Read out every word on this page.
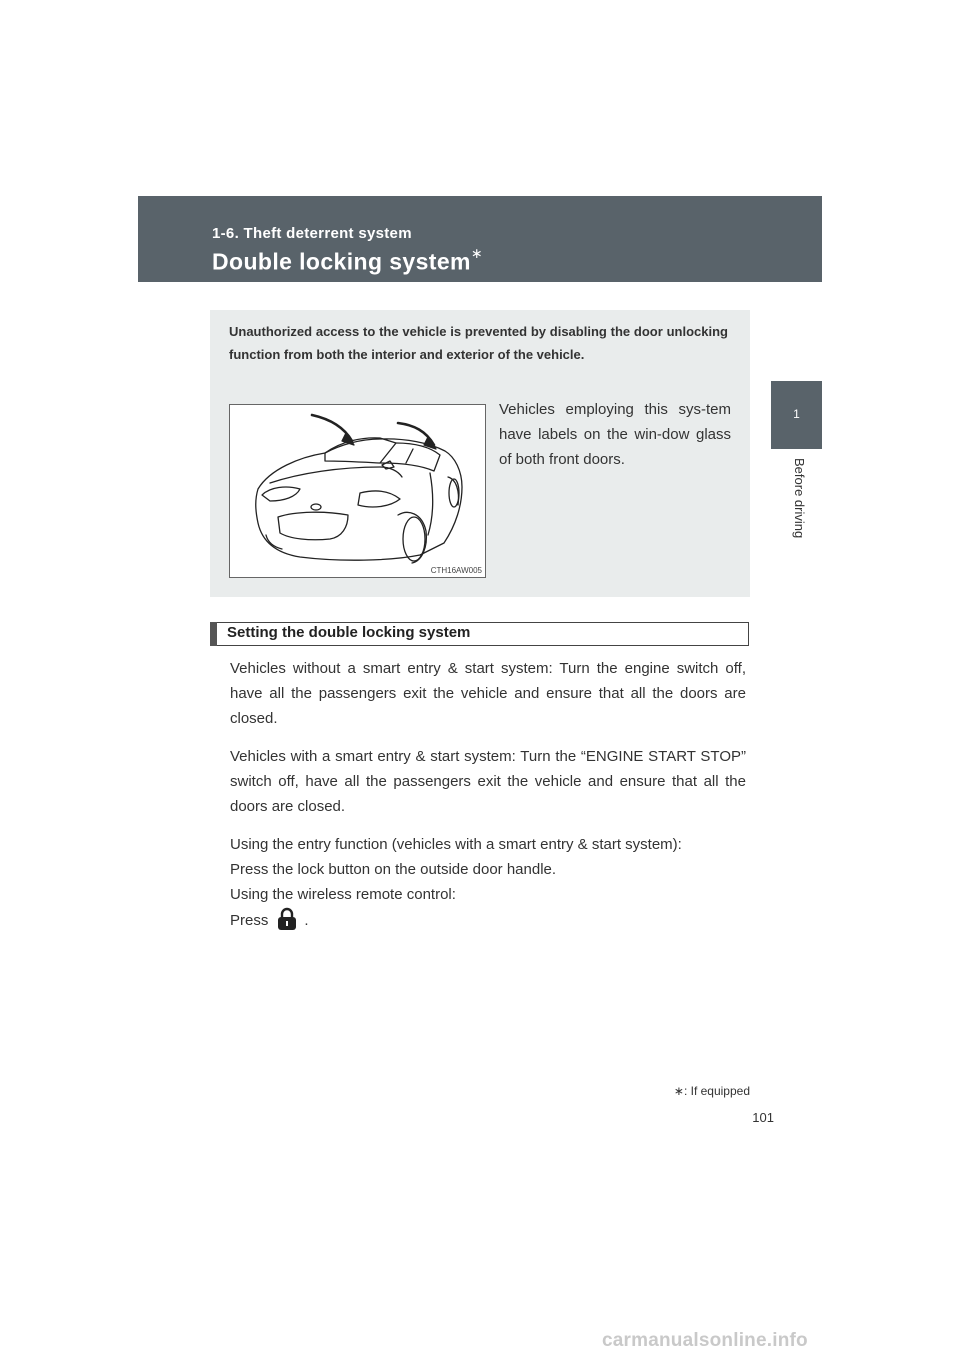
1-6. Theft deterrent system
Double locking system∗
1
Before driving
Unauthorized access to the vehicle is prevented by disabling the door unlocking function from both the interior and exterior of the vehicle.
CTH16AW005
Vehicles employing this sys-tem have labels on the win-dow glass of both front doors.
Setting the double locking system

Vehicles without a smart entry & start system: Turn the engine switch off, have all the passengers exit the vehicle and ensure that all the doors are closed.

Vehicles with a smart entry & start system: Turn the “ENGINE START STOP” switch off, have all the passengers exit the vehicle and ensure that all the doors are closed.

Using the entry function (vehicles with a smart entry & start system):
Press the lock button on the outside door handle.
Using the wireless remote control:
Press .

∗: If equipped
101
carmanualsonline.info
